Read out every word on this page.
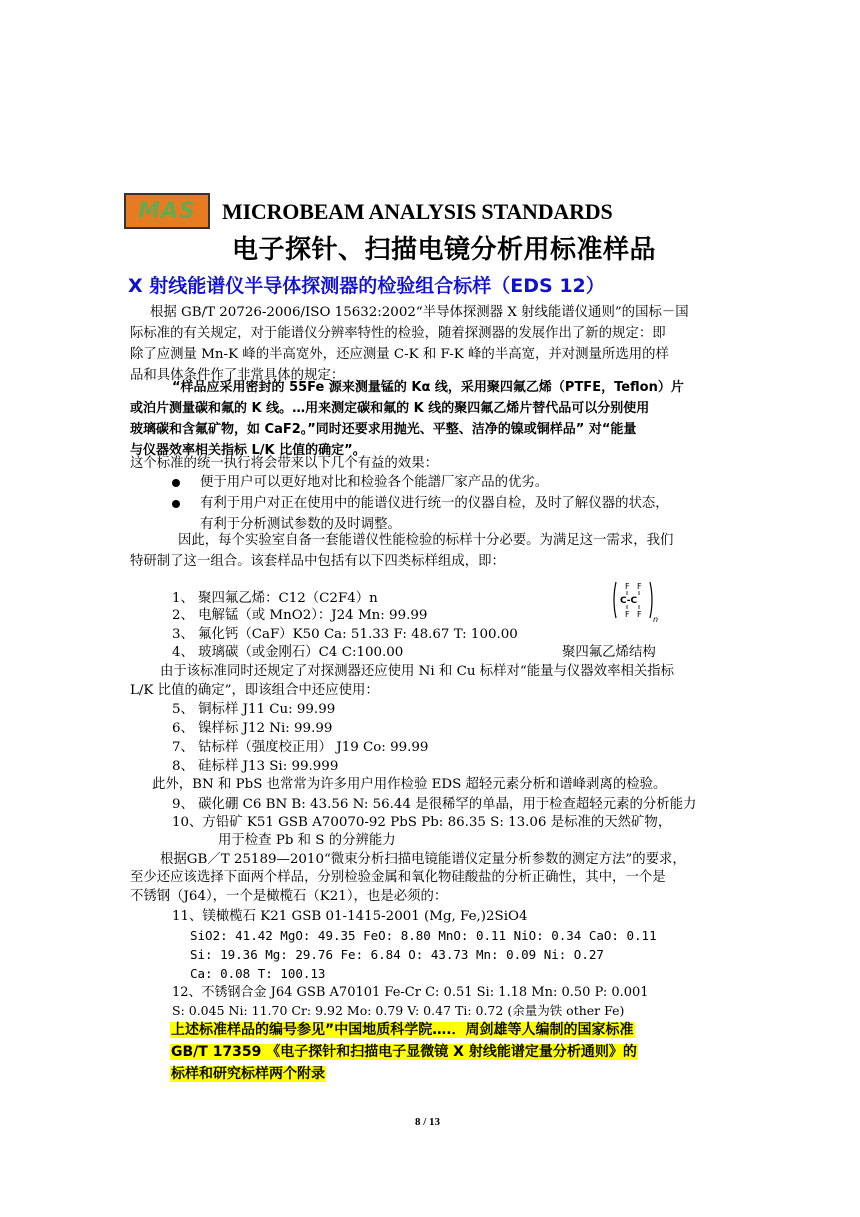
MAS MICROBEAM ANALYSIS STANDARDS
电子探针、扫描电镜分析用标准样品
X 射线能谱仪半导体探测器的检验组合标样（EDS 12）
根据 GB/T 20726-2006/ISO 15632:2002“半导体探测器 X 射线能谱仪通则”的国标－国
际标准的有关规定，对于能谱仪分辨率特性的检验，随着探测器的发展作出了新的规定：即
除了应测量 Mn-K 峰的半高宽外，还应测量 C-K 和 F-K 峰的半高宽，并对测量所选用的样
品和具体条件作了非常具体的规定：
“样品应采用密封的 55Fe 源来测量锰的 Kα 线，采用聚四氟乙烯（PTFE，Teflon）片
或泊片测量碳和氟的 K 线。…用来测定碳和氟的 K 线的聚四氟乙烯片替代品可以分别使用
玻璃碳和含氟矿物，如 CaF2。”同时还要求用抛光、平整、洁净的镍或铜样品” 对“能量
与仪器效率相关指标 L/K 比值的确定”。
这个标准的统一执行将会带来以下几个有益的效果：
便于用户可以更好地对比和检验各个能譜厂家产品的优劣。
有利于用户对正在使用中的能谱仪进行统一的仪器自检，及时了解仪器的状态，
有利于分析测试参数的及时调整。
因此，每个实验室自备一套能谱仪性能检验的标样十分必要。为满足这一需求，我们
特研制了这一组合。该套样品中包括有以下四类标样组成，即：
1、 聚四氟乙烯：C12（C2F4）n
2、 电解锰（或 MnO2）：J24 Mn: 99.99
3、 氟化钙（CaF）K50 Ca: 51.33 F: 48.67 T: 100.00
4、 玻璃碳（或金刚石）C4 C:100.00
F F
C-C
F F
n
聚四氟乙烯结构
由于该标准同时还规定了对探测器还应使用 Ni 和 Cu 标样对“能量与仪器效率相关指标
L/K 比值的确定”，即该组合中还应使用：
5、 铜标样 J11 Cu: 99.99
6、 镍样标 J12 Ni: 99.99
7、 钴标样（强度校正用） J19 Co: 99.99
8、 硅标样 J13 Si: 99.999
此外，BN 和 PbS 也常常为许多用户用作检验 EDS 超轻元素分析和谱峰剥离的检验。
9、 碳化硼 C6 BN B: 43.56 N: 56.44 是很稀罕的单晶，用于检查超轻元素的分析能力
10、方铅矿 K51 GSB A70070-92 PbS Pb: 86.35 S: 13.06 是标准的天然矿物，
用于检查 Pb 和 S 的分辨能力
根据GB／T 25189—2010“微束分析扫描电镜能谱仪定量分析参数的测定方法”的要求，
至少还应该选择下面两个样品，分别检验金属和氧化物硅酸盐的分析正确性，其中，一个是
不锈钢（J64），一个是橄榄石（K21），也是必须的：
11、镁橄榄石 K21 GSB 01-1415-2001 (Mg, Fe,)2SiO4
SiO2: 41.42 MgO: 49.35 FeO: 8.80 MnO: 0.11 NiO: 0.34 CaO: 0.11
Si: 19.36 Mg: 29.76 Fe: 6.84 O: 43.73 Mn: 0.09 Ni: O.27
Ca: 0.08 T: 100.13
12、不锈钢合金 J64 GSB A70101 Fe-Cr C: 0.51 Si: 1.18 Mn: 0.50 P: 0.001
S: 0.045 Ni: 11.70 Cr: 9.92 Mo: 0.79 V: 0.47 Ti: 0.72 (余量为铁 other Fe)
上述标准样品的编号参见”中国地质科学院….．周剑雄等人编制的国家标准
GB/T 17359 《电子探针和扫描电子显微镜 X 射线能谱定量分析通则》的
标样和研究标样两个附录
8 / 13
